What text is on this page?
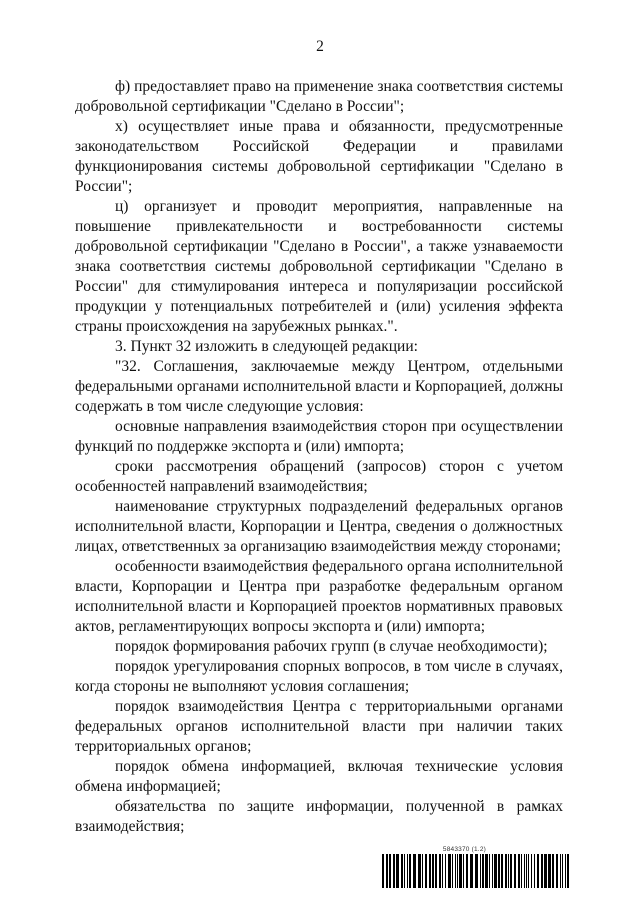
2

ф) предоставляет право на применение знака соответствия системы добровольной сертификации "Сделано в России";

х) осуществляет иные права и обязанности, предусмотренные законодательством Российской Федерации и правилами функционирования системы добровольной сертификации "Сделано в России";

ц) организует и проводит мероприятия, направленные на повышение привлекательности и востребованности системы добровольной сертификации "Сделано в России", а также узнаваемости знака соответствия системы добровольной сертификации "Сделано в России" для стимулирования интереса и популяризации российской продукции у потенциальных потребителей и (или) усиления эффекта страны происхождения на зарубежных рынках.".

3. Пункт 32 изложить в следующей редакции:

"32. Соглашения, заключаемые между Центром, отдельными федеральными органами исполнительной власти и Корпорацией, должны содержать в том числе следующие условия:

основные направления взаимодействия сторон при осуществлении функций по поддержке экспорта и (или) импорта;

сроки рассмотрения обращений (запросов) сторон с учетом особенностей направлений взаимодействия;

наименование структурных подразделений федеральных органов исполнительной власти, Корпорации и Центра, сведения о должностных лицах, ответственных за организацию взаимодействия между сторонами;

особенности взаимодействия федерального органа исполнительной власти, Корпорации и Центра при разработке федеральным органом исполнительной власти и Корпорацией проектов нормативных правовых актов, регламентирующих вопросы экспорта и (или) импорта;

порядок формирования рабочих групп (в случае необходимости);

порядок урегулирования спорных вопросов, в том числе в случаях, когда стороны не выполняют условия соглашения;

порядок взаимодействия Центра с территориальными органами федеральных органов исполнительной власти при наличии таких территориальных органов;

порядок обмена информацией, включая технические условия обмена информацией;

обязательства по защите информации, полученной в рамках взаимодействия;

5843370 (1.2)
